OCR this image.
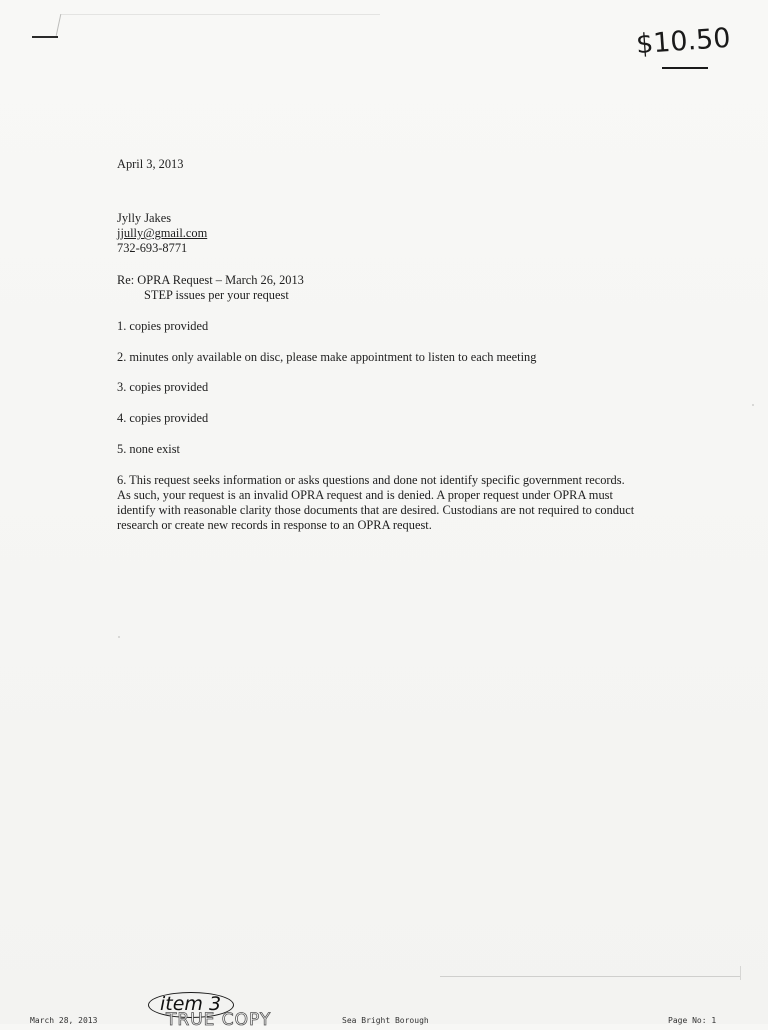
$10.50
April 3, 2013
Jylly Jakes
jjully@gmail.com
732-693-8771
Re: OPRA Request – March 26, 2013
STEP issues per your request
1. copies provided
2. minutes only available on disc, please make appointment to listen to each meeting
3. copies provided
4. copies provided
5. none exist
6. This request seeks information or asks questions and done not identify specific government records.
As such, your request is an invalid OPRA request and is denied. A proper request under OPRA must
identify with reasonable clarity those documents that are desired. Custodians are not required to conduct
research or create new records in response to an OPRA request.
item 3
TRUE COPY
March 28, 2013	Sea Bright Borough	Page No: 1
